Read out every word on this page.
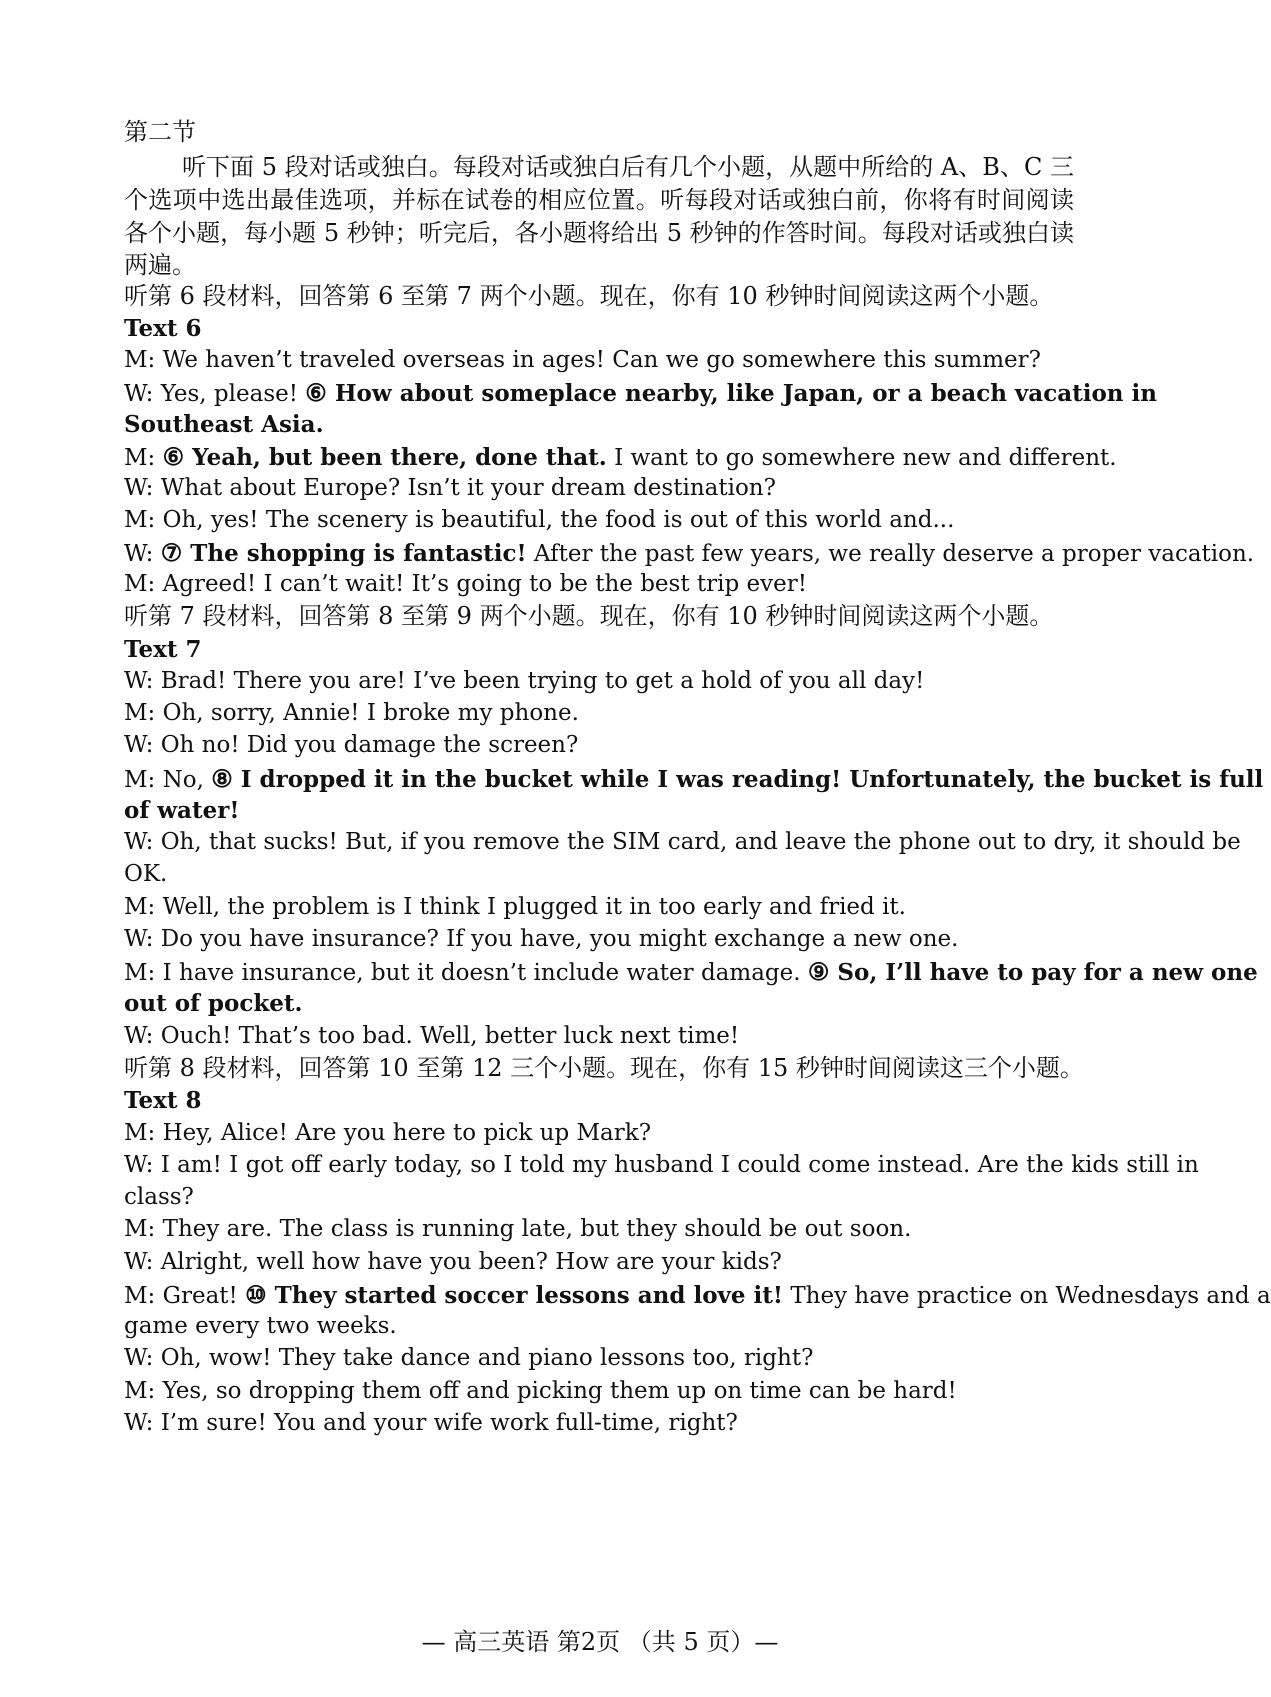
第二节
听下面 5 段对话或独白。每段对话或独白后有几个小题，从题中所给的 A、B、C 三
个选项中选出最佳选项，并标在试卷的相应位置。听每段对话或独白前，你将有时间阅读
各个小题，每小题 5 秒钟；听完后，各小题将给出 5 秒钟的作答时间。每段对话或独白读
两遍。
听第 6 段材料，回答第 6 至第 7 两个小题。现在，你有 10 秒钟时间阅读这两个小题。
Text 6
M: We haven’t traveled overseas in ages! Can we go somewhere this summer?
W: Yes, please! ⑥ How about someplace nearby, like Japan, or a beach vacation in
Southeast Asia.
M: ⑥ Yeah, but been there, done that. I want to go somewhere new and different.
W: What about Europe? Isn’t it your dream destination?
M: Oh, yes! The scenery is beautiful, the food is out of this world and...
W: ⑦ The shopping is fantastic! After the past few years, we really deserve a proper vacation.
M: Agreed! I can’t wait! It’s going to be the best trip ever!
听第 7 段材料，回答第 8 至第 9 两个小题。现在，你有 10 秒钟时间阅读这两个小题。
Text 7
W: Brad! There you are! I’ve been trying to get a hold of you all day!
M: Oh, sorry, Annie! I broke my phone.
W: Oh no! Did you damage the screen?
M: No, ⑧ I dropped it in the bucket while I was reading! Unfortunately, the bucket is full
of water!
W: Oh, that sucks! But, if you remove the SIM card, and leave the phone out to dry, it should be
OK.
M: Well, the problem is I think I plugged it in too early and fried it.
W: Do you have insurance? If you have, you might exchange a new one.
M: I have insurance, but it doesn’t include water damage. ⑨ So, I’ll have to pay for a new one
out of pocket.
W: Ouch! That’s too bad. Well, better luck next time!
听第 8 段材料，回答第 10 至第 12 三个小题。现在，你有 15 秒钟时间阅读这三个小题。
Text 8
M: Hey, Alice! Are you here to pick up Mark?
W: I am! I got off early today, so I told my husband I could come instead. Are the kids still in
class?
M: They are. The class is running late, but they should be out soon.
W: Alright, well how have you been? How are your kids?
M: Great! ⑩ They started soccer lessons and love it! They have practice on Wednesdays and a
game every two weeks.
W: Oh, wow! They take dance and piano lessons too, right?
M: Yes, so dropping them off and picking them up on time can be hard!
W: I’m sure! You and your wife work full-time, right?
— 高三英语 第2页 （共 5 页）—
